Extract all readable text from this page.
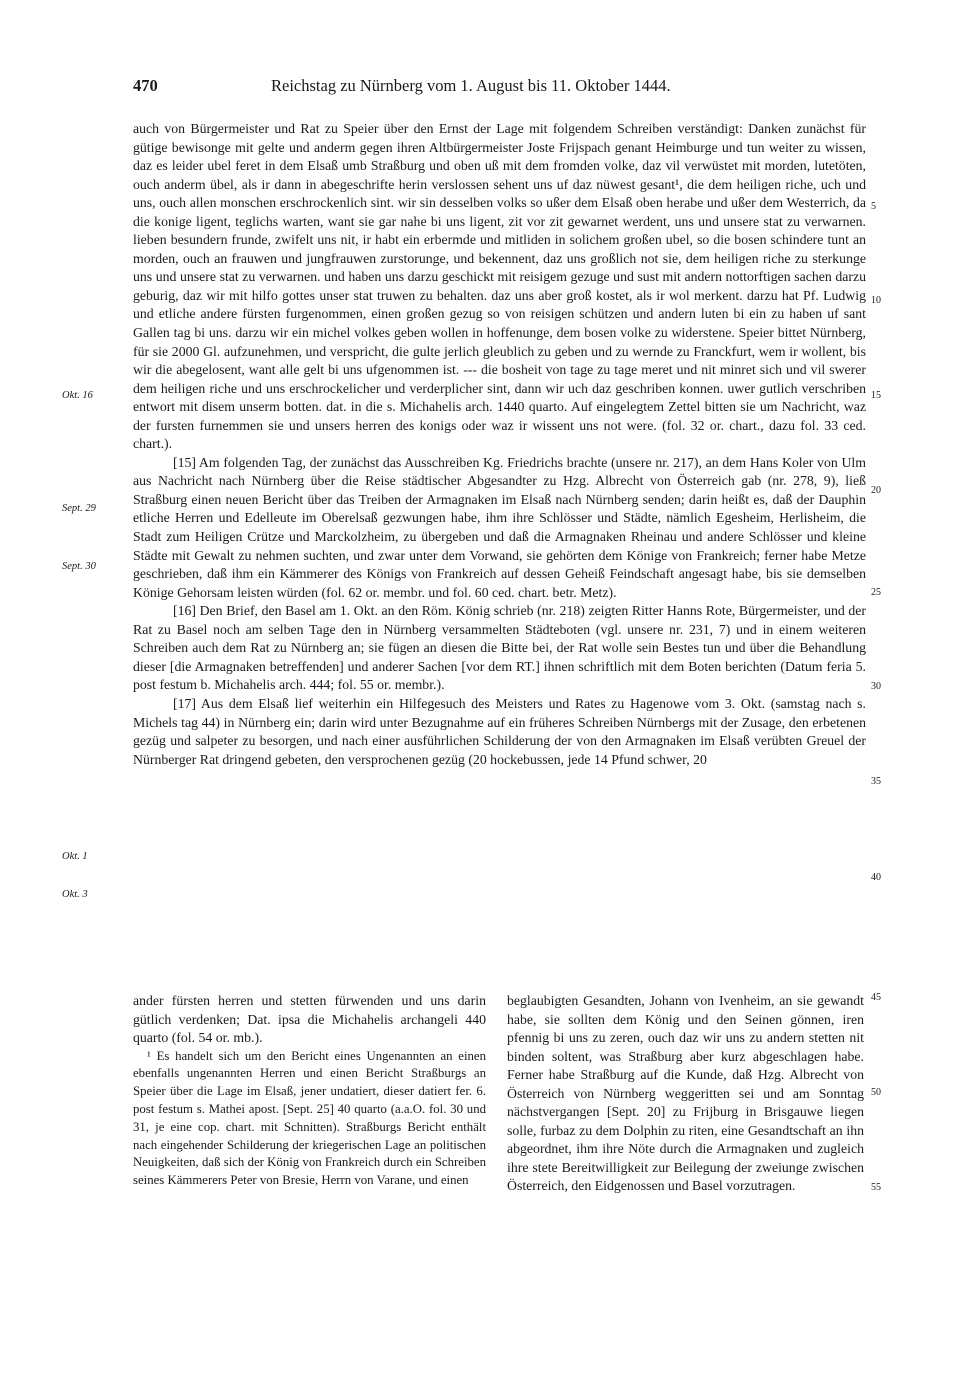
470	Reichstag zu Nürnberg vom 1. August bis 11. Oktober 1444.

auch von Bürgermeister und Rat zu Speier über den Ernst der Lage mit folgendem Schreiben verständigt: Danken zunächst für gütige bewisonge mit gelte und anderm gegen ihren Altbürgermeister Joste Frijspach genant Heimburge und tun weiter zu wissen, daz es leider ubel feret in dem Elsaß umb Straßburg und oben uß mit dem fromden volke, daz vil verwüstet mit morden, lutetöten, ouch anderm übel, als ir dann in abegeschrifte herin verslossen sehent uns uf daz nüwest gesant¹, die dem heiligen riche, uch und uns, ouch allen monschen erschrockenlich sint. wir sin desselben volks so ußer dem Elsaß oben herabe und ußer dem Westerrich, da die konige ligent, teglichs warten, want sie gar nahe bi uns ligent, zit vor zit gewarnet werdent, uns und unsere stat zu verwarnen. lieben besundern frunde, zwifelt uns nit, ir habt ein erbermde und mitliden in solichem großen ubel, so die bosen schindere tunt an morden, ouch an frauwen und jungfrauwen zurstorunge, und bekennent, daz uns großlich not sie, dem heiligen riche zu sterkunge uns und unsere stat zu verwarnen. und haben uns darzu geschickt mit reisigem gezuge und sust mit andern nottorftigen sachen darzu geburig, daz wir mit hilfo gottes unser stat truwen zu behalten. daz uns aber groß kostet, als ir wol merkent. darzu hat Pf. Ludwig und etliche andere fürsten furgenommen, einen großen gezug so von reisigen schützen und andern luten bi ein zu haben uf sant Gallen tag bi uns. darzu wir ein michel volkes geben wollen in hoffenunge, dem bosen volke zu widerstene. Speier bittet Nürnberg, für sie 2000 Gl. aufzunehmen, und verspricht, die gulte jerlich gleublich zu geben und zu wernde zu Franckfurt, wem ir wollent, bis wir die abegelosent, want alle gelt bi uns ufgenommen ist. --- die bosheit von tage zu tage meret und nit minret sich und vil swerer dem heiligen riche und uns erschrockelicher und verderplicher sint, dann wir uch daz geschriben konnen. uwer gutlich verschriben entwort mit disem unserm botten. dat. in die s. Michahelis arch. 1440 quarto. Auf eingelegtem Zettel bitten sie um Nachricht, waz der fursten furnemmen sie und unsers herren des konigs oder waz ir wissent uns not were. (fol. 32 or. chart., dazu fol. 33 ced. chart.).

[15] Am folgenden Tag, der zunächst das Ausschreiben Kg. Friedrichs brachte (unsere nr. 217), an dem Hans Koler von Ulm aus Nachricht nach Nürnberg über die Reise städtischer Abgesandter zu Hzg. Albrecht von Österreich gab (nr. 278, 9), ließ Straßburg einen neuen Bericht über das Treiben der Armagnaken im Elsaß nach Nürnberg senden; darin heißt es, daß der Dauphin etliche Herren und Edelleute im Oberelsaß gezwungen habe, ihm ihre Schlösser und Städte, nämlich Egesheim, Herlisheim, die Stadt zum Heiligen Crütze und Marckolzheim, zu übergeben und daß die Armagnaken Rheinau und andere Schlösser und kleine Städte mit Gewalt zu nehmen suchten, und zwar unter dem Vorwand, sie gehörten dem Könige von Frankreich; ferner habe Metze geschrieben, daß ihm ein Kämmerer des Königs von Frankreich auf dessen Geheiß Feindschaft angesagt habe, bis sie demselben Könige Gehorsam leisten würden (fol. 62 or. membr. und fol. 60 ced. chart. betr. Metz).

[16] Den Brief, den Basel am 1. Okt. an den Röm. König schrieb (nr. 218) zeigten Ritter Hanns Rote, Bürgermeister, und der Rat zu Basel noch am selben Tage den in Nürnberg versammelten Städteboten (vgl. unsere nr. 231, 7) und in einem weiteren Schreiben auch dem Rat zu Nürnberg an; sie fügen an diesen die Bitte bei, der Rat wolle sein Bestes tun und über die Behandlung dieser [die Armagnaken betreffenden] und anderer Sachen [vor dem RT.] ihnen schriftlich mit dem Boten berichten (Datum feria 5. post festum b. Michahelis arch. 444; fol. 55 or. membr.).

[17] Aus dem Elsaß lief weiterhin ein Hilfegesuch des Meisters und Rates zu Hagenowe vom 3. Okt. (samstag nach s. Michels tag 44) in Nürnberg ein; darin wird unter Bezugnahme auf ein früheres Schreiben Nürnbergs mit der Zusage, den erbetenen gezüg und salpeter zu besorgen, und nach einer ausführlichen Schilderung der von den Armagnaken im Elsaß verübten Greuel der Nürnberger Rat dringend gebeten, den versprochenen gezüg (20 hockebussen, jede 14 Pfund schwer, 20

Okt. 16
Sept. 29
Sept. 30
Okt. 1
Okt. 3
5
10
15
20
25
30
35
40
45
50
55

ander fürsten herren und stetten fürwenden und uns darin gütlich verdenken; Dat. ipsa die Michahelis archangeli 440 quarto (fol. 54 or. mb.).

¹ Es handelt sich um den Bericht eines Ungenannten an einen ebenfalls ungenannten Herren und einen Bericht Straßburgs an Speier über die Lage im Elsaß, jener undatiert, dieser datiert fer. 6. post festum s. Mathei apost. [Sept. 25] 40 quarto (a.a.O. fol. 30 und 31, je eine cop. chart. mit Schnitten). Straßburgs Bericht enthält nach eingehender Schilderung der kriegerischen Lage an politischen Neuigkeiten, daß sich der König von Frankreich durch ein Schreiben seines Kämmerers Peter von Bresie, Herrn von Varane, und einen

beglaubigten Gesandten, Johann von Ivenheim, an sie gewandt habe, sie sollten dem König und den Seinen gönnen, iren pfennig bi uns zu zeren, ouch daz wir uns zu andern stetten nit binden soltent, was Straßburg aber kurz abgeschlagen habe. Ferner habe Straßburg auf die Kunde, daß Hzg. Albrecht von Österreich von Nürnberg weggeritten sei und am Sonntag nächstvergangen [Sept. 20] zu Frijburg in Brisgauwe liegen solle, furbaz zu dem Dolphin zu riten, eine Gesandtschaft an ihn abgeordnet, ihm ihre Nöte durch die Armagnaken und zugleich ihre stete Bereitwilligkeit zur Beilegung der zweiunge zwischen Österreich, den Eidgenossen und Basel vorzutragen.
